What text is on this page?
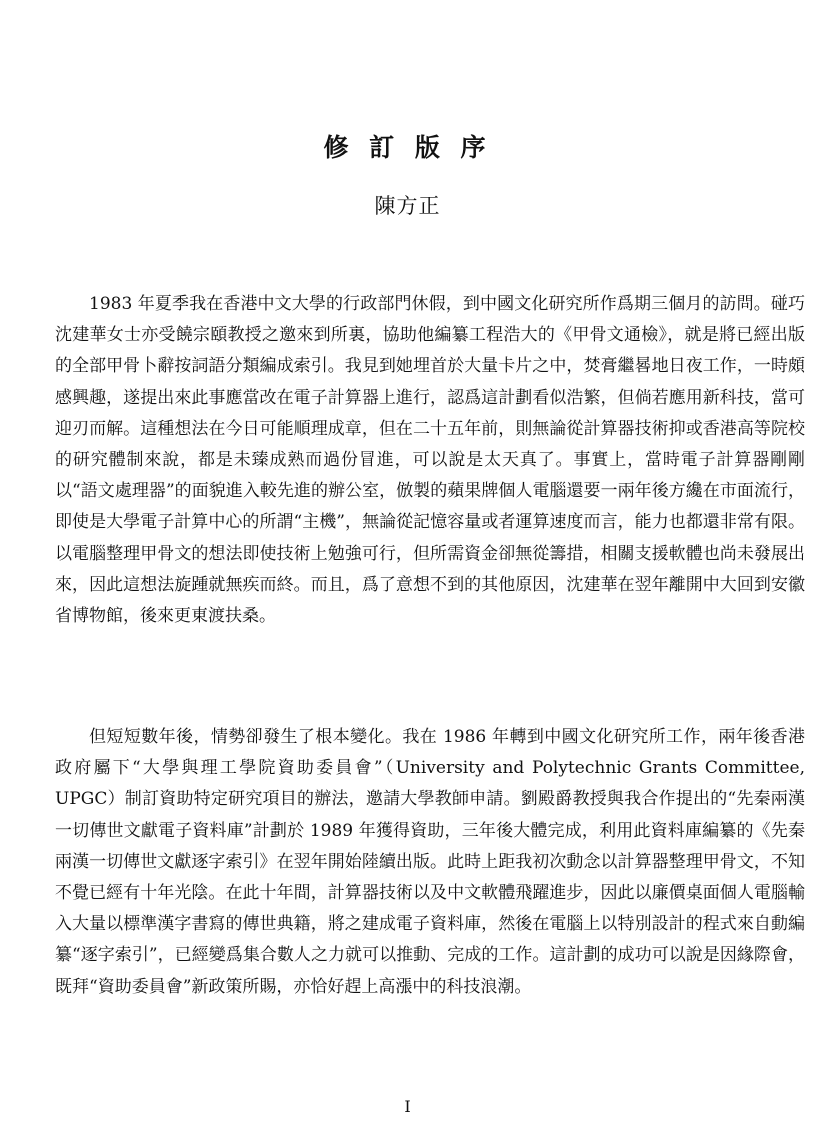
修 訂 版 序
陳方正

1983 年夏季我在香港中文大學的行政部門休假，到中國文化研究所作爲期三個月的訪問。碰巧沈建華女士亦受饒宗頤教授之邀來到所裏，協助他編纂工程浩大的《甲骨文通檢》，就是將已經出版的全部甲骨卜辭按詞語分類編成索引。我見到她埋首於大量卡片之中，焚膏繼晷地日夜工作，一時頗感興趣，遂提出來此事應當改在電子計算器上進行，認爲這計劃看似浩繁，但倘若應用新科技，當可迎刃而解。這種想法在今日可能順理成章，但在二十五年前，則無論從計算器技術抑或香港高等院校的研究體制來說，都是未臻成熟而過份冒進，可以說是太天真了。事實上，當時電子計算器剛剛以“語文處理器”的面貌進入較先進的辦公室，倣製的蘋果牌個人電腦還要一兩年後方纔在市面流行，即使是大學電子計算中心的所謂“主機”，無論從記憶容量或者運算速度而言，能力也都還非常有限。以電腦整理甲骨文的想法即使技術上勉強可行，但所需資金卻無從籌措，相關支援軟體也尚未發展出來，因此這想法旋踵就無疾而終。而且，爲了意想不到的其他原因，沈建華在翌年離開中大回到安徽省博物館，後來更東渡扶桑。

但短短數年後，情勢卻發生了根本變化。我在 1986 年轉到中國文化研究所工作，兩年後香港政府屬下“大學與理工學院資助委員會”（University and Polytechnic Grants Committee, UPGC）制訂資助特定研究項目的辦法，邀請大學教師申請。劉殿爵教授與我合作提出的“先秦兩漢一切傳世文獻電子資料庫”計劃於 1989 年獲得資助，三年後大體完成，利用此資料庫編纂的《先秦兩漢一切傳世文獻逐字索引》在翌年開始陸續出版。此時上距我初次動念以計算器整理甲骨文，不知不覺已經有十年光陰。在此十年間，計算器技術以及中文軟體飛躍進步，因此以廉價桌面個人電腦輸入大量以標準漢字書寫的傳世典籍，將之建成電子資料庫，然後在電腦上以特別設計的程式來自動編纂“逐字索引”，已經變爲集合數人之力就可以推動、完成的工作。這計劃的成功可以說是因緣際會，既拜“資助委員會”新政策所賜，亦恰好趕上高漲中的科技浪潮。

I
